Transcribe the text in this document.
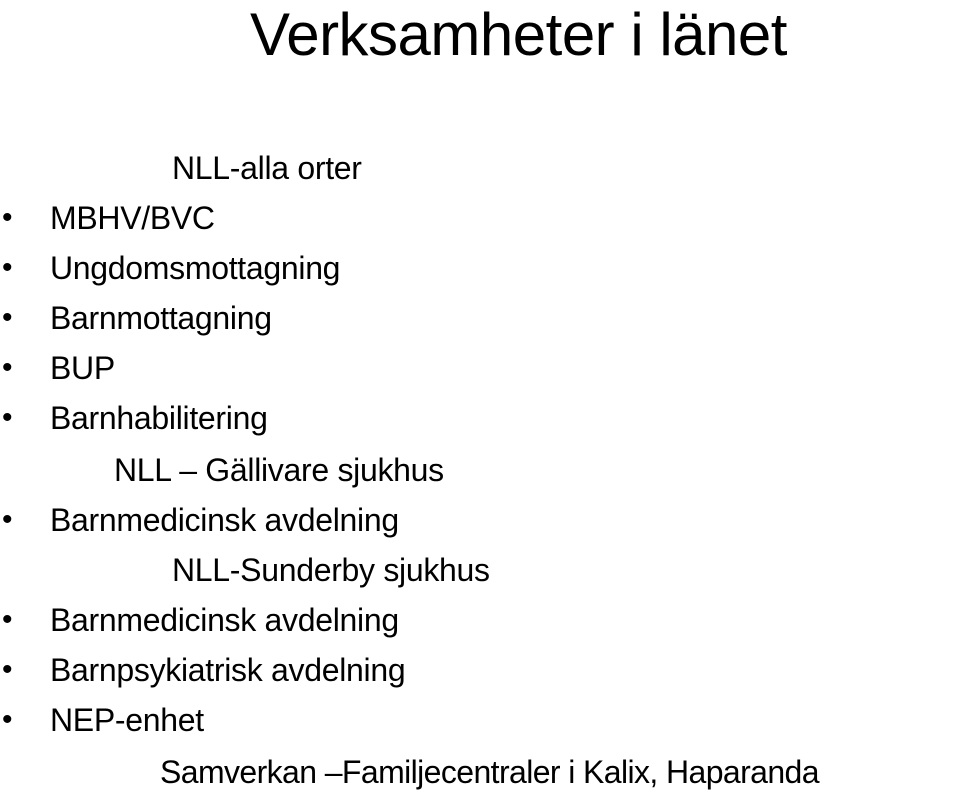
Verksamheter i länet
NLL-alla orter
•	MBHV/BVC
•	Ungdomsmottagning
•	Barnmottagning
•	BUP
•	Barnhabilitering
NLL – Gällivare sjukhus
•	Barnmedicinsk avdelning
NLL-Sunderby sjukhus
•	Barnmedicinsk avdelning
•	Barnpsykiatrisk avdelning
•	NEP-enhet
Samverkan –Familjecentraler i Kalix, Haparanda
